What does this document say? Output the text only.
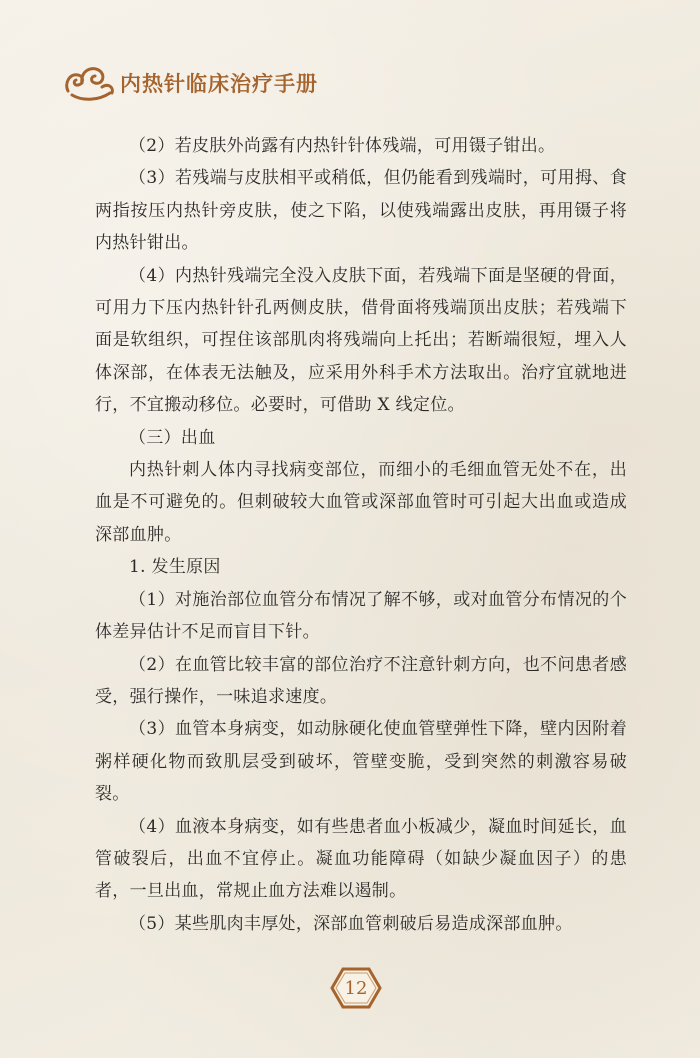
内热针临床治疗手册

（2）若皮肤外尚露有内热针针体残端，可用镊子钳出。

（3）若残端与皮肤相平或稍低，但仍能看到残端时，可用拇、食两指按压内热针旁皮肤，使之下陷，以使残端露出皮肤，再用镊子将内热针钳出。

（4）内热针残端完全没入皮肤下面，若残端下面是坚硬的骨面，可用力下压内热针针孔两侧皮肤，借骨面将残端顶出皮肤；若残端下面是软组织，可捏住该部肌肉将残端向上托出；若断端很短，埋入人体深部，在体表无法触及，应采用外科手术方法取出。治疗宜就地进行，不宜搬动移位。必要时，可借助 X 线定位。

（三）出血

内热针刺人体内寻找病变部位，而细小的毛细血管无处不在，出血是不可避免的。但刺破较大血管或深部血管时可引起大出血或造成深部血肿。

1. 发生原因

（1）对施治部位血管分布情况了解不够，或对血管分布情况的个体差异估计不足而盲目下针。

（2）在血管比较丰富的部位治疗不注意针刺方向，也不问患者感受，强行操作，一味追求速度。

（3）血管本身病变，如动脉硬化使血管壁弹性下降，壁内因附着粥样硬化物而致肌层受到破坏，管壁变脆，受到突然的刺激容易破裂。

（4）血液本身病变，如有些患者血小板减少，凝血时间延长，血管破裂后，出血不宜停止。凝血功能障碍（如缺少凝血因子）的患者，一旦出血，常规止血方法难以遏制。

（5）某些肌肉丰厚处，深部血管刺破后易造成深部血肿。

12
